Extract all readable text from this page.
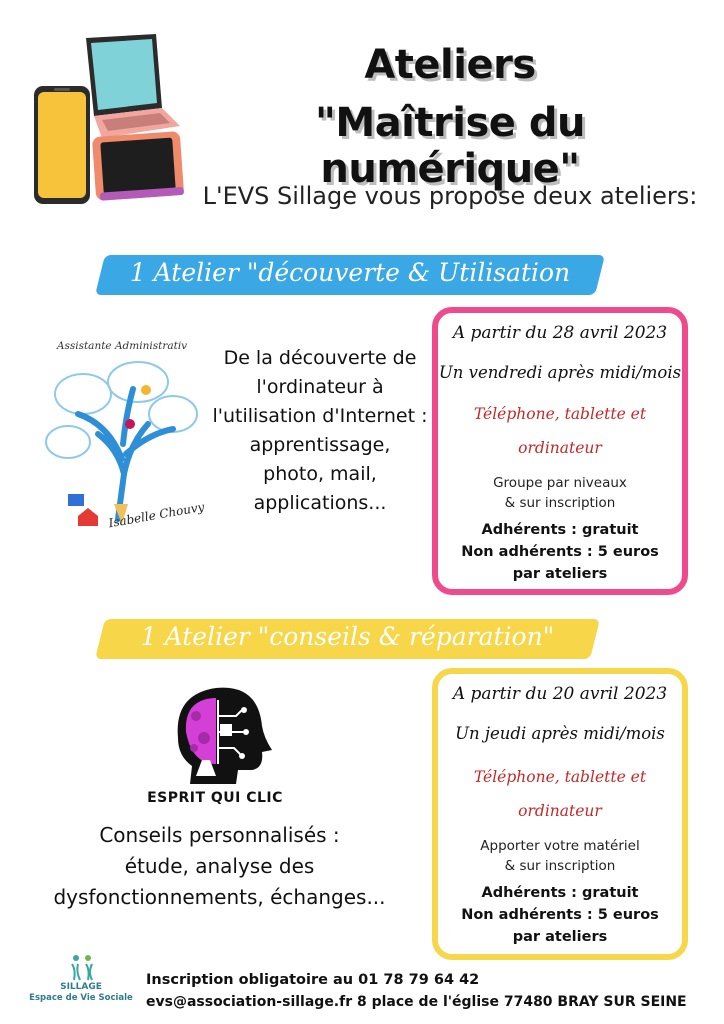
Ateliers
"Maîtrise du numérique"
L'EVS Sillage vous propose deux ateliers:
1 Atelier "découverte & Utilisation
Assistante Administrativ
Isabelle Chouvy
De la découverte de
l'ordinateur à
l'utilisation d'Internet :
apprentissage,
photo, mail,
applications...
A partir du 28 avril 2023
Un vendredi après midi/mois
Téléphone, tablette et
ordinateur
Groupe par niveaux
& sur inscription
Adhérents : gratuit
Non adhérents : 5 euros
par ateliers
1 Atelier "conseils & réparation"
ESPRIT QUI CLIC
Conseils personnalisés :
étude, analyse des
dysfonctionnements, échanges...
A partir du 20 avril 2023
Un jeudi après midi/mois
Téléphone, tablette et
ordinateur
Apporter votre matériel
& sur inscription
Adhérents : gratuit
Non adhérents : 5 euros
par ateliers
SILLAGE
Espace de Vie Sociale
Inscription obligatoire au 01 78 79 64 42
evs@association-sillage.fr 8 place de l'église 77480 BRAY SUR SEINE
